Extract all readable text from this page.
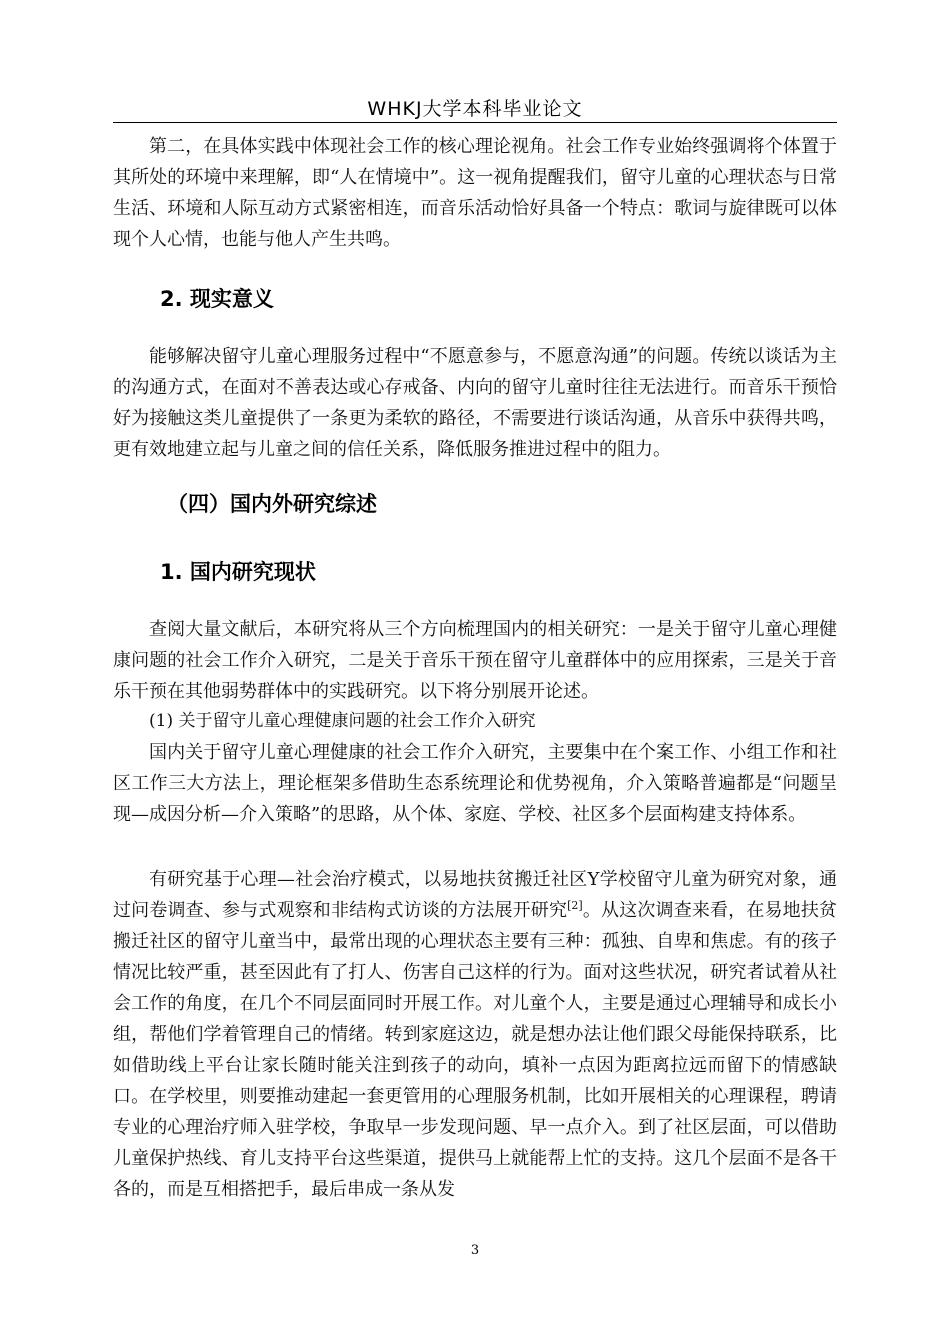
WHKJ大学本科毕业论文

第二，在具体实践中体现社会工作的核心理论视角。社会工作专业始终强调将个体置于其所处的环境中来理解，即“人在情境中”。这一视角提醒我们，留守儿童的心理状态与日常生活、环境和人际互动方式紧密相连，而音乐活动恰好具备一个特点：歌词与旋律既可以体现个人心情，也能与他人产生共鸣。

2. 现实意义

能够解决留守儿童心理服务过程中“不愿意参与，不愿意沟通”的问题。传统以谈话为主的沟通方式，在面对不善表达或心存戒备、内向的留守儿童时往往无法进行。而音乐干预恰好为接触这类儿童提供了一条更为柔软的路径，不需要进行谈话沟通，从音乐中获得共鸣，更有效地建立起与儿童之间的信任关系，降低服务推进过程中的阻力。

（四）国内外研究综述
1. 国内研究现状

查阅大量文献后，本研究将从三个方向梳理国内的相关研究：一是关于留守儿童心理健康问题的社会工作介入研究，二是关于音乐干预在留守儿童群体中的应用探索，三是关于音乐干预在其他弱势群体中的实践研究。以下将分别展开论述。

(1) 关于留守儿童心理健康问题的社会工作介入研究

国内关于留守儿童心理健康的社会工作介入研究，主要集中在个案工作、小组工作和社区工作三大方法上，理论框架多借助生态系统理论和优势视角，介入策略普遍都是“问题呈现—成因分析—介入策略”的思路，从个体、家庭、学校、社区多个层面构建支持体系。

有研究基于心理—社会治疗模式，以易地扶贫搬迁社区Y学校留守儿童为研究对象，通过问卷调查、参与式观察和非结构式访谈的方法展开研究[2]。从这次调查来看，在易地扶贫搬迁社区的留守儿童当中，最常出现的心理状态主要有三种：孤独、自卑和焦虑。有的孩子情况比较严重，甚至因此有了打人、伤害自己这样的行为。面对这些状况，研究者试着从社会工作的角度，在几个不同层面同时开展工作。对儿童个人，主要是通过心理辅导和成长小组，帮他们学着管理自己的情绪。转到家庭这边，就是想办法让他们跟父母能保持联系，比如借助线上平台让家长随时能关注到孩子的动向，填补一点因为距离拉远而留下的情感缺口。在学校里，则要推动建起一套更管用的心理服务机制，比如开展相关的心理课程，聘请专业的心理治疗师入驻学校，争取早一步发现问题、早一点介入。到了社区层面，可以借助儿童保护热线、育儿支持平台这些渠道，提供马上就能帮上忙的支持。这几个层面不是各干各的，而是互相搭把手，最后串成一条从发

3
